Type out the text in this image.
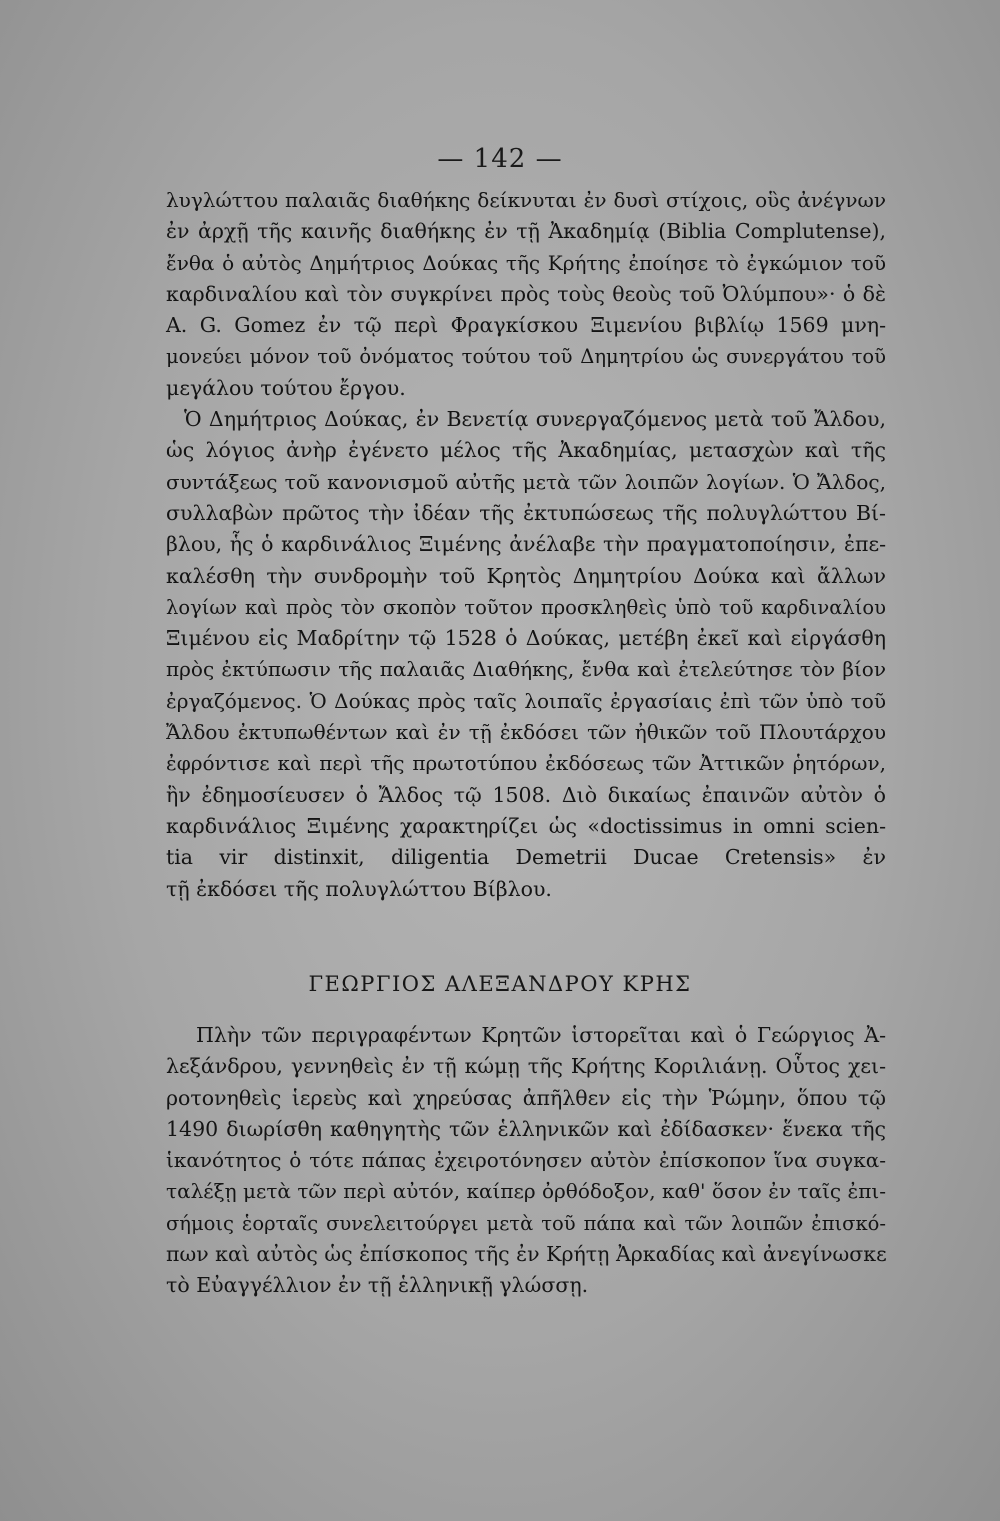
— 142 —
λυγλώττου παλαιᾶς διαθήκης δείκνυται ἐν δυσὶ στίχοις, οὓς ἀνέγνων
ἐν ἀρχῇ τῆς καινῆς διαθήκης ἐν τῇ Ἀκαδημίᾳ (Biblia Complutense),
ἔνθα ὁ αὐτὸς Δημήτριος Δούκας τῆς Κρήτης ἐποίησε τὸ ἐγκώμιον τοῦ
καρδιναλίου καὶ τὸν συγκρίνει πρὸς τοὺς θεοὺς τοῦ Ὀλύμπου»· ὁ δὲ
A. G. Gomez ἐν τῷ περὶ Φραγκίσκου Ξιμενίου βιβλίῳ 1569 μνη-
μονεύει μόνον τοῦ ὀνόματος τούτου τοῦ Δημητρίου ὡς συνεργάτου τοῦ
μεγάλου τούτου ἔργου.
Ὁ Δημήτριος Δούκας, ἐν Βενετίᾳ συνεργαζόμενος μετὰ τοῦ Ἄλδου,
ὡς λόγιος ἀνὴρ ἐγένετο μέλος τῆς Ἀκαδημίας, μετασχὼν καὶ τῆς
συντάξεως τοῦ κανονισμοῦ αὐτῆς μετὰ τῶν λοιπῶν λογίων. Ὁ Ἄλδος,
συλλαβὼν πρῶτος τὴν ἰδέαν τῆς ἐκτυπώσεως τῆς πολυγλώττου Βί-
βλου, ἧς ὁ καρδινάλιος Ξιμένης ἀνέλαβε τὴν πραγματοποίησιν, ἐπε-
καλέσθη τὴν συνδρομὴν τοῦ Κρητὸς Δημητρίου Δούκα καὶ ἄλλων
λογίων καὶ πρὸς τὸν σκοπὸν τοῦτον προσκληθεὶς ὑπὸ τοῦ καρδιναλίου
Ξιμένου εἰς Μαδρίτην τῷ 1528 ὁ Δούκας, μετέβη ἐκεῖ καὶ εἰργάσθη
πρὸς ἐκτύπωσιν τῆς παλαιᾶς Διαθήκης, ἔνθα καὶ ἐτελεύτησε τὸν βίον
ἐργαζόμενος. Ὁ Δούκας πρὸς ταῖς λοιπαῖς ἐργασίαις ἐπὶ τῶν ὑπὸ τοῦ
Ἄλδου ἐκτυπωθέντων καὶ ἐν τῇ ἐκδόσει τῶν ἠθικῶν τοῦ Πλουτάρχου
ἐφρόντισε καὶ περὶ τῆς πρωτοτύπου ἐκδόσεως τῶν Ἀττικῶν ῥητόρων,
ἣν ἐδημοσίευσεν ὁ Ἄλδος τῷ 1508. Διὸ δικαίως ἐπαινῶν αὐτὸν ὁ
καρδινάλιος Ξιμένης χαρακτηρίζει ὡς «doctissimus in omni scien-
tia vir distinxit, diligentia Demetrii Ducae Cretensis» ἐν
τῇ ἐκδόσει τῆς πολυγλώττου Βίβλου.
ΓΕΩΡΓΙΟΣ ΑΛΕΞΑΝΔΡΟΥ ΚΡΗΣ
Πλὴν τῶν περιγραφέντων Κρητῶν ἱστορεῖται καὶ ὁ Γεώργιος Ἀ-
λεξάνδρου, γεννηθεὶς ἐν τῇ κώμῃ τῆς Κρήτης Κοριλιάνῃ. Οὗτος χει-
ροτονηθεὶς ἱερεὺς καὶ χηρεύσας ἀπῆλθεν εἰς τὴν Ῥώμην, ὅπου τῷ
1490 διωρίσθη καθηγητὴς τῶν ἑλληνικῶν καὶ ἐδίδασκεν· ἕνεκα τῆς
ἱκανότητος ὁ τότε πάπας ἐχειροτόνησεν αὐτὸν ἐπίσκοπον ἵνα συγκα-
ταλέξῃ μετὰ τῶν περὶ αὐτόν, καίπερ ὀρθόδοξον, καθ' ὅσον ἐν ταῖς ἐπι-
σήμοις ἑορταῖς συνελειτούργει μετὰ τοῦ πάπα καὶ τῶν λοιπῶν ἐπισκό-
πων καὶ αὐτὸς ὡς ἐπίσκοπος τῆς ἐν Κρήτῃ Ἀρκαδίας καὶ ἀνεγίνωσκε
τὸ Εὐαγγέλλιον ἐν τῇ ἑλληνικῇ γλώσσῃ.
